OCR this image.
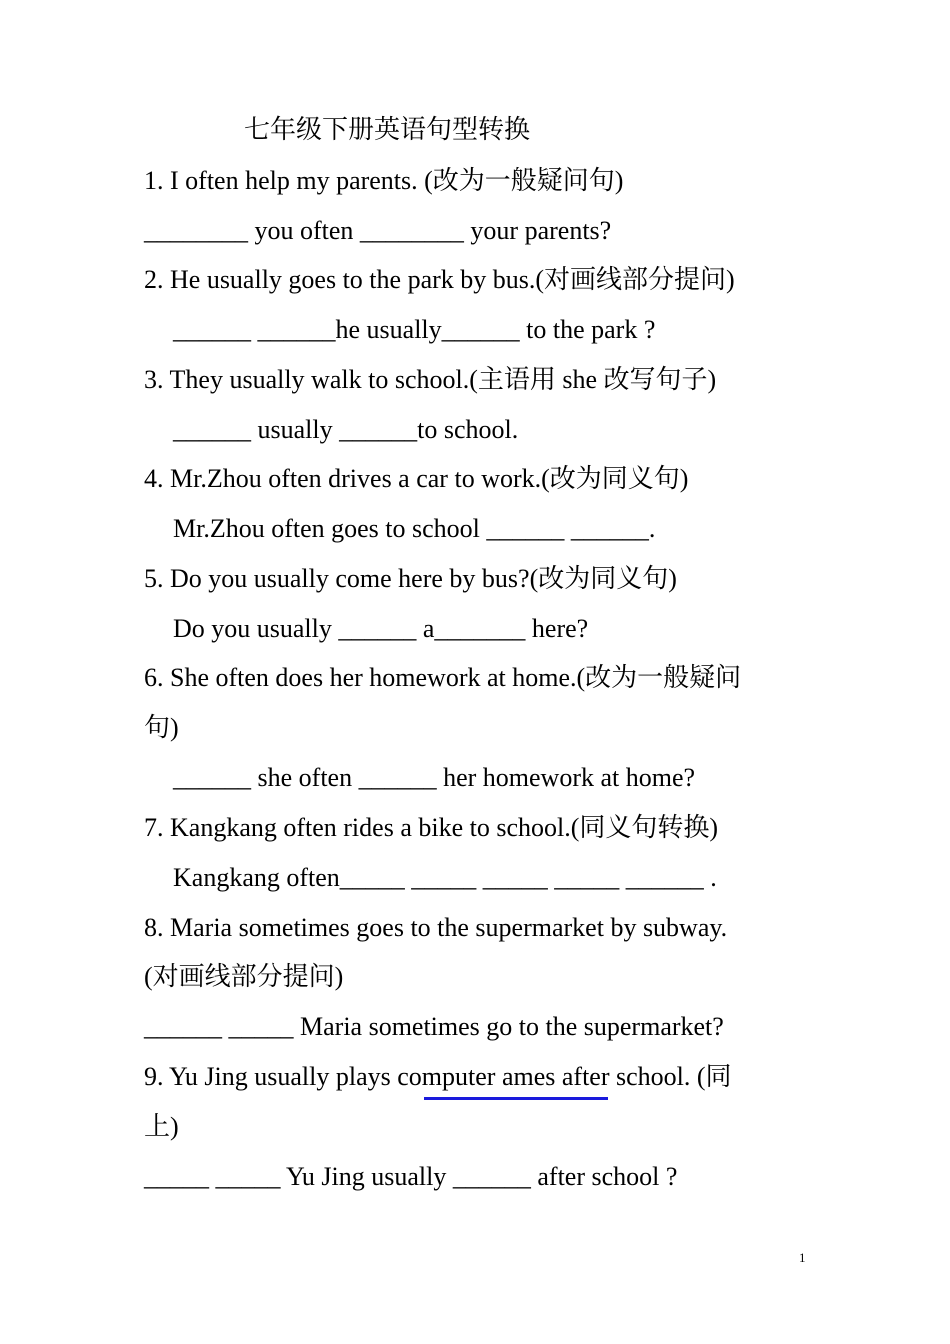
七年级下册英语句型转换
1. I often help my parents. (改为一般疑问句)
________ you often ________ your parents?
2. He usually goes to the park by bus.(对画线部分提问)
______ ______he usually______ to the park ?
3. They usually walk to school.(主语用 she 改写句子)
______ usually ______to school.
4. Mr.Zhou often drives a car to work.(改为同义句)
Mr.Zhou often goes to school ______ ______.
5. Do you usually come here by bus?(改为同义句)
Do you usually ______ a_______ here?
6. She often does her homework at home.(改为一般疑问
句)
______ she often ______ her homework at home?
7. Kangkang often rides a bike to school.(同义句转换)
Kangkang often_____ _____ _____ _____ ______ .
8. Maria sometimes goes to the supermarket by subway.
(对画线部分提问)
______ _____ Maria sometimes go to the supermarket?
9. Yu Jing usually plays computer ames after school. (同
上)
_____ _____ Yu Jing usually ______ after school ?
1
